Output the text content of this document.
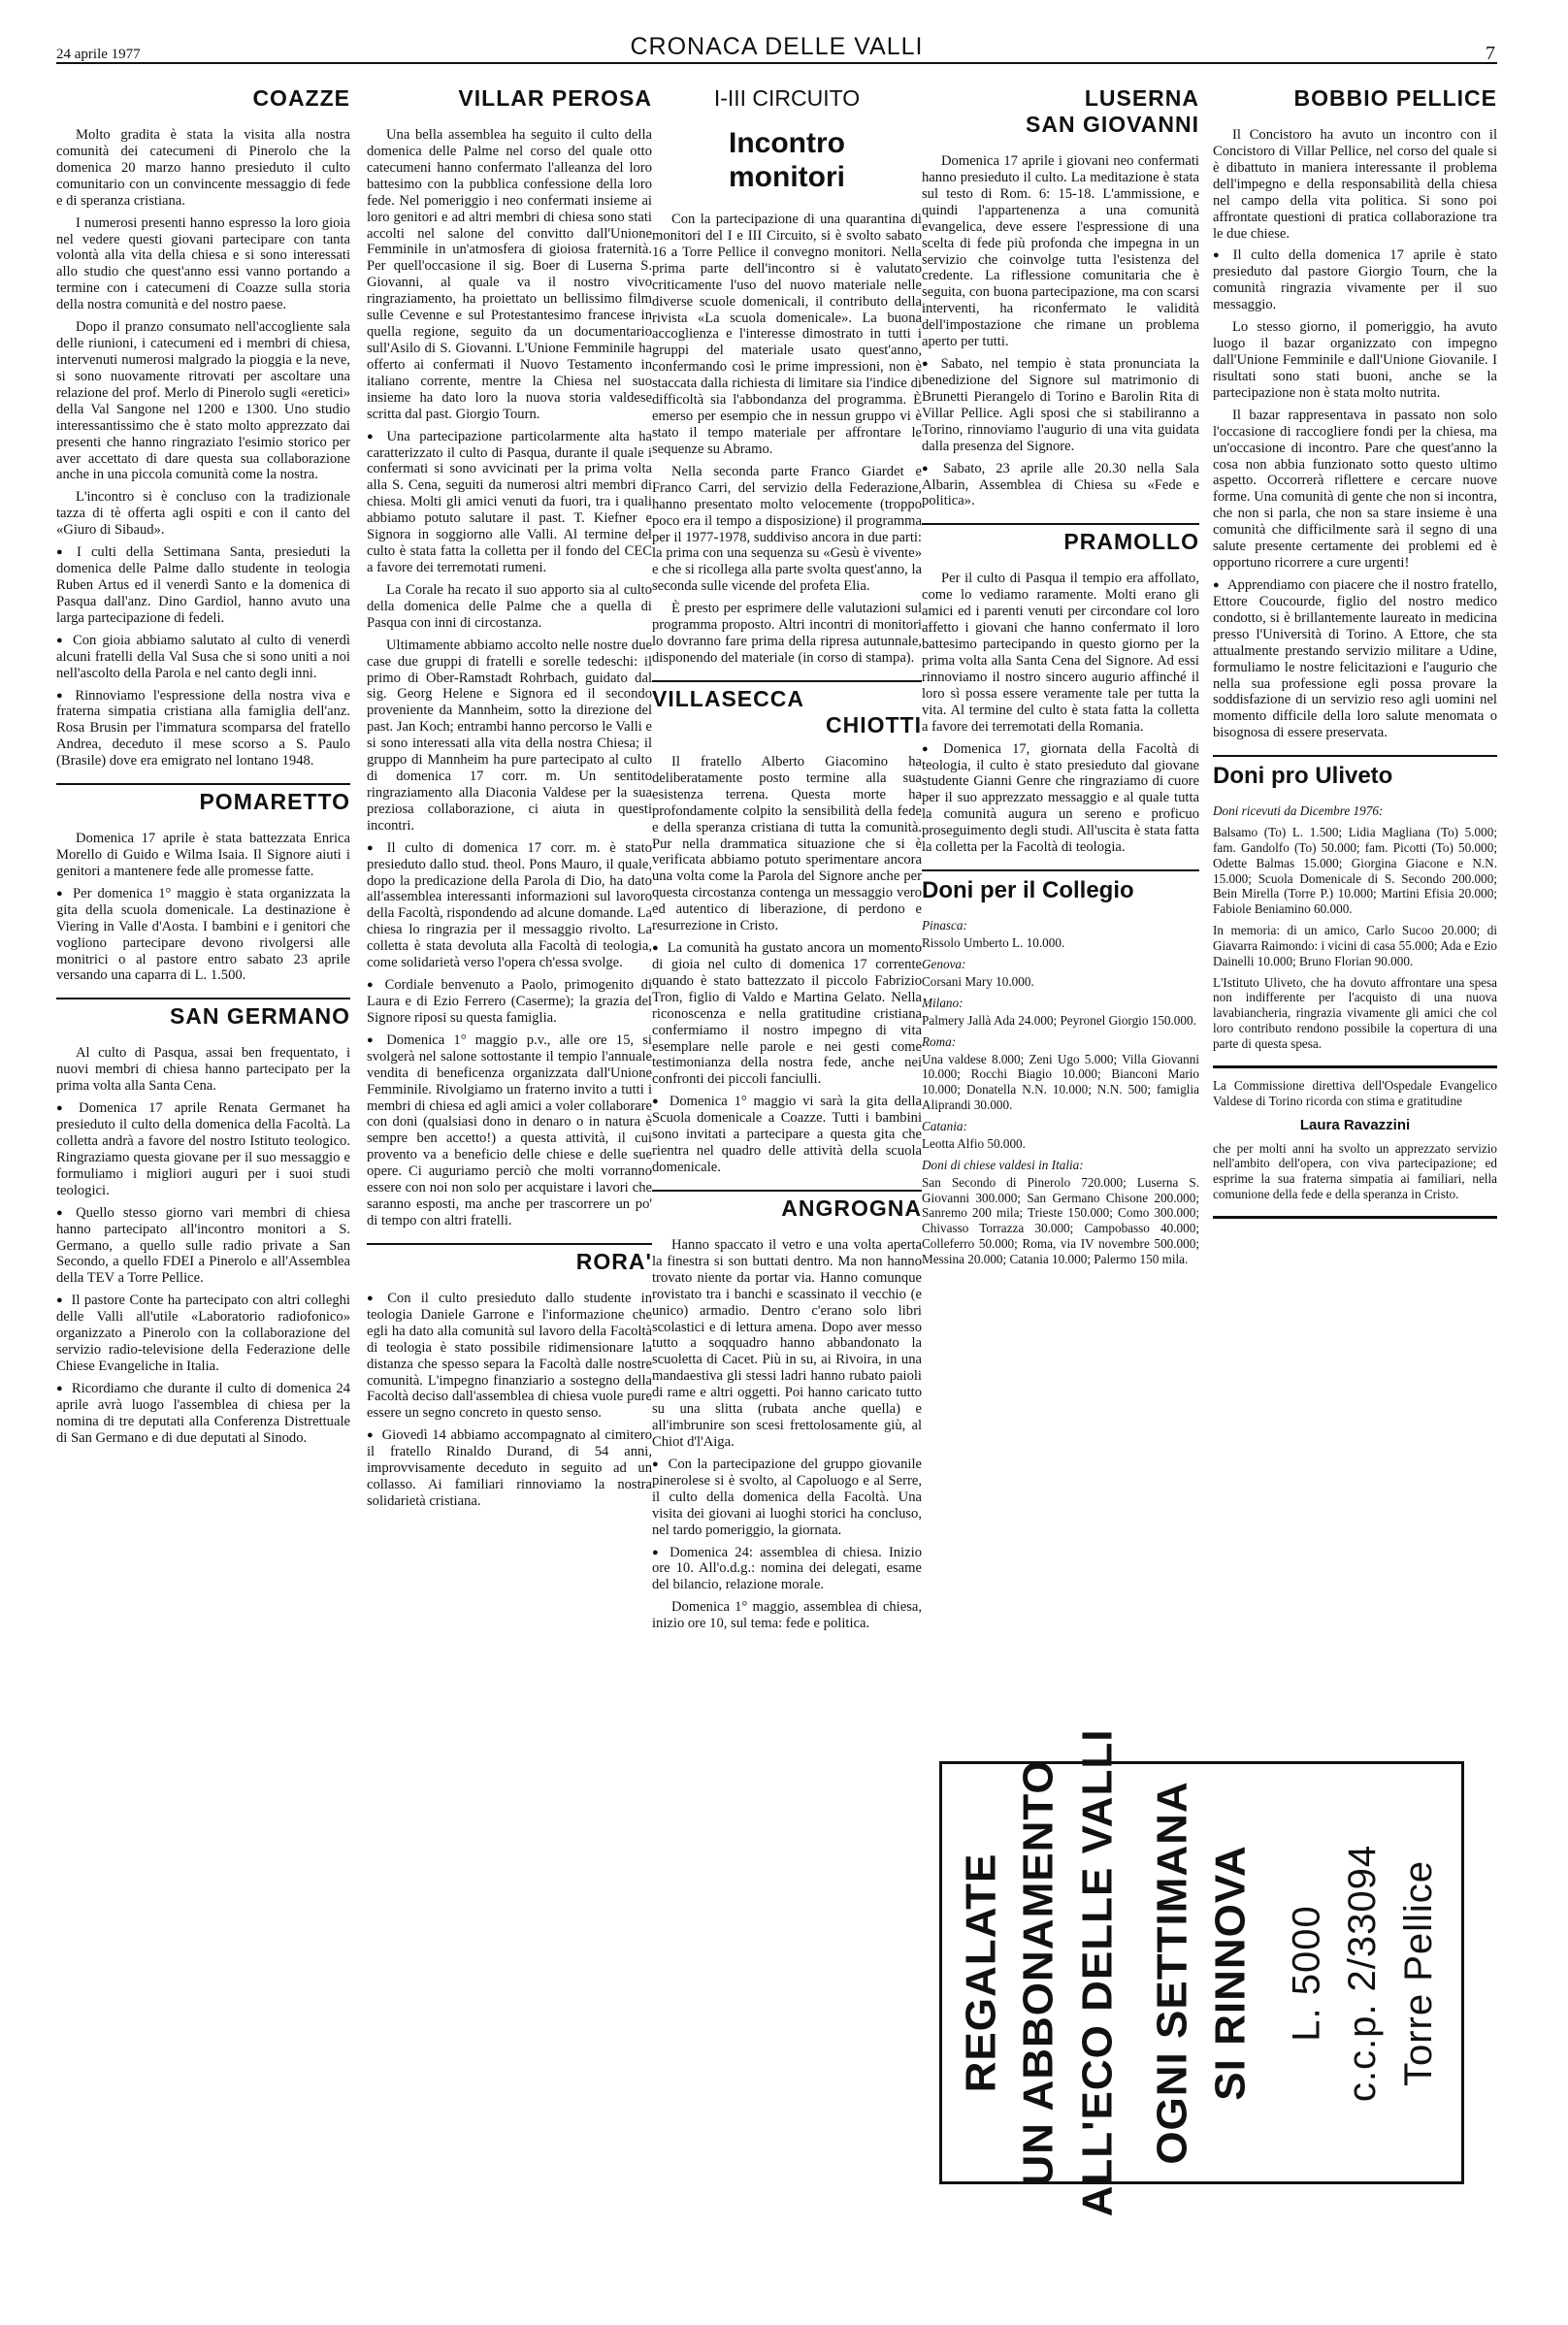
24 aprile 1977	CRONACA DELLE VALLI	7
COAZZE

Molto gradita è stata la visita alla nostra comunità dei catecumeni di Pinerolo che la domenica 20 marzo hanno presieduto il culto comunitario con un convincente messaggio di fede e di speranza cristiana.

I numerosi presenti hanno espresso la loro gioia nel vedere questi giovani partecipare con tanta volontà alla vita della chiesa e si sono interessati allo studio che quest'anno essi vanno portando a termine con i catecumeni di Coazze sulla storia della nostra comunità e del nostro paese.

Dopo il pranzo consumato nell'accogliente sala delle riunioni, i catecumeni ed i membri di chiesa, intervenuti numerosi malgrado la pioggia e la neve, si sono nuovamente ritrovati per ascoltare una relazione del prof. Merlo di Pinerolo sugli «eretici» della Val Sangone nel 1200 e 1300. Uno studio interessantissimo che è stato molto apprezzato dai presenti che hanno ringraziato l'esimio storico per aver accettato di dare questa sua collaborazione anche in una piccola comunità come la nostra.

L'incontro si è concluso con la tradizionale tazza di tè offerta agli ospiti e con il canto del «Giuro di Sibaud».

● I culti della Settimana Santa, presieduti la domenica delle Palme dallo studente in teologia Ruben Artus ed il venerdì Santo e la domenica di Pasqua dall'anz. Dino Gardiol, hanno avuto una larga partecipazione di fedeli.

● Con gioia abbiamo salutato al culto di venerdì alcuni fratelli della Val Susa che si sono uniti a noi nell'ascolto della Parola e nel canto degli inni.

● Rinnoviamo l'espressione della nostra viva e fraterna simpatia cristiana alla famiglia dell'anz. Rosa Brusin per l'immatura scomparsa del fratello Andrea, deceduto il mese scorso a S. Paulo (Brasile) dove era emigrato nel lontano 1948.

POMARETTO

Domenica 17 aprile è stata battezzata Enrica Morello di Guido e Wilma Isaia. Il Signore aiuti i genitori a mantenere fede alle promesse fatte.

● Per domenica 1° maggio è stata organizzata la gita della scuola domenicale. La destinazione è Viering in Valle d'Aosta. I bambini e i genitori che vogliono partecipare devono rivolgersi alle monitrici o al pastore entro sabato 23 aprile versando una caparra di L. 1.500.

SAN GERMANO

Al culto di Pasqua, assai ben frequentato, i nuovi membri di chiesa hanno partecipato per la prima volta alla Santa Cena.

● Domenica 17 aprile Renata Germanet ha presieduto il culto della domenica della Facoltà. La colletta andrà a favore del nostro Istituto teologico. Ringraziamo questa giovane per il suo messaggio e formuliamo i migliori auguri per i suoi studi teologici.

● Quello stesso giorno vari membri di chiesa hanno partecipato all'incontro monitori a S. Germano, a quello sulle radio private a San Secondo, a quello FDEI a Pinerolo e all'Assemblea della TEV a Torre Pellice.

● Il pastore Conte ha partecipato con altri colleghi delle Valli all'utile «Laboratorio radiofonico» organizzato a Pinerolo con la collaborazione del servizio radio-televisione della Federazione delle Chiese Evangeliche in Italia.

● Ricordiamo che durante il culto di domenica 24 aprile avrà luogo l'assemblea di chiesa per la nomina di tre deputati alla Conferenza Distrettuale di San Germano e di due deputati al Sinodo.

VILLAR PEROSA

Una bella assemblea ha seguito il culto della domenica delle Palme nel corso del quale otto catecumeni hanno confermato l'alleanza del loro battesimo con la pubblica confessione della loro fede. Nel pomeriggio i neo confermati insieme ai loro genitori e ad altri membri di chiesa sono stati accolti nel salone del convitto dall'Unione Femminile in un'atmosfera di gioiosa fraternità. Per quell'occasione il sig. Boer di Luserna S. Giovanni, al quale va il nostro vivo ringraziamento, ha proiettato un bellissimo film sulle Cevenne e sul Protestantesimo francese in quella regione, seguito da un documentario sull'Asilo di S. Giovanni. L'Unione Femminile ha offerto ai confermati il Nuovo Testamento in italiano corrente, mentre la Chiesa nel suo insieme ha dato loro la nuova storia valdese scritta dal past. Giorgio Tourn.

● Una partecipazione particolarmente alta ha caratterizzato il culto di Pasqua, durante il quale i confermati si sono avvicinati per la prima volta alla S. Cena, seguiti da numerosi altri membri di chiesa. Molti gli amici venuti da fuori, tra i quali abbiamo potuto salutare il past. T. Kiefner e Signora in soggiorno alle Valli. Al termine del culto è stata fatta la colletta per il fondo del CEC a favore dei terremotati rumeni.

La Corale ha recato il suo apporto sia al culto della domenica delle Palme che a quella di Pasqua con inni di circostanza.

Ultimamente abbiamo accolto nelle nostre due case due gruppi di fratelli e sorelle tedeschi: il primo di Ober-Ramstadt Rohrbach, guidato dal sig. Georg Helene e Signora ed il secondo proveniente da Mannheim, sotto la direzione del past. Jan Koch; entrambi hanno percorso le Valli e si sono interessati alla vita della nostra Chiesa; il gruppo di Mannheim ha pure partecipato al culto di domenica 17 corr. m. Un sentito ringraziamento alla Diaconia Valdese per la sua preziosa collaborazione, ci aiuta in questi incontri.

● Il culto di domenica 17 corr. m. è stato presieduto dallo stud. theol. Pons Mauro, il quale, dopo la predicazione della Parola di Dio, ha dato all'assemblea interessanti informazioni sul lavoro della Facoltà, rispondendo ad alcune domande. La chiesa lo ringrazia per il messaggio rivolto. La colletta è stata devoluta alla Facoltà di teologia, come solidarietà verso l'opera ch'essa svolge.

● Cordiale benvenuto a Paolo, primogenito di Laura e di Ezio Ferrero (Caserme); la grazia del Signore riposi su questa famiglia.

● Domenica 1° maggio p.v., alle ore 15, si svolgerà nel salone sottostante il tempio l'annuale vendita di beneficenza organizzata dall'Unione Femminile. Rivolgiamo un fraterno invito a tutti i membri di chiesa ed agli amici a voler collaborare con doni (qualsiasi dono in denaro o in natura è sempre ben accetto!) a questa attività, il cui provento va a beneficio delle chiese e delle sue opere. Ci auguriamo perciò che molti vorranno essere con noi non solo per acquistare i lavori che saranno esposti, ma anche per trascorrere un po' di tempo con altri fratelli.

RORA'

● Con il culto presieduto dallo studente in teologia Daniele Garrone e l'informazione che egli ha dato alla comunità sul lavoro della Facoltà di teologia è stato possibile ridimensionare la distanza che spesso separa la Facoltà dalle nostre comunità. L'impegno finanziario a sostegno della Facoltà deciso dall'assemblea di chiesa vuole pure essere un segno concreto in questo senso.

● Giovedì 14 abbiamo accompagnato al cimitero il fratello Rinaldo Durand, di 54 anni, improvvisamente deceduto in seguito ad un collasso. Ai familiari rinnoviamo la nostra solidarietà cristiana.

I-III CIRCUITO
Incontro
monitori

Con la partecipazione di una quarantina di monitori del I e III Circuito, si è svolto sabato 16 a Torre Pellice il convegno monitori. Nella prima parte dell'incontro si è valutato criticamente l'uso del nuovo materiale nelle diverse scuole domenicali, il contributo della rivista «La scuola domenicale». La buona accoglienza e l'interesse dimostrato in tutti i gruppi del materiale usato quest'anno, confermando così le prime impressioni, non è staccata dalla richiesta di limitare sia l'indice di difficoltà sia l'abbondanza del programma. È emerso per esempio che in nessun gruppo vi è stato il tempo materiale per affrontare le sequenze su Abramo.

Nella seconda parte Franco Giardet e Franco Carri, del servizio della Federazione, hanno presentato molto velocemente (troppo poco era il tempo a disposizione) il programma per il 1977-1978, suddiviso ancora in due parti: la prima con una sequenza su «Gesù è vivente» e che si ricollega alla parte svolta quest'anno, la seconda sulle vicende del profeta Elia.

È presto per esprimere delle valutazioni sul programma proposto. Altri incontri di monitori lo dovranno fare prima della ripresa autunnale, disponendo del materiale (in corso di stampa).

VILLASECCA
CHIOTTI

Il fratello Alberto Giacomino ha deliberatamente posto termine alla sua esistenza terrena. Questa morte ha profondamente colpito la sensibilità della fede e della speranza cristiana di tutta la comunità. Pur nella drammatica situazione che si è verificata abbiamo potuto sperimentare ancora una volta come la Parola del Signore anche per questa circostanza contenga un messaggio vero ed autentico di liberazione, di perdono e resurrezione in Cristo.

● La comunità ha gustato ancora un momento di gioia nel culto di domenica 17 corrente quando è stato battezzato il piccolo Fabrizio Tron, figlio di Valdo e Martina Gelato. Nella riconoscenza e nella gratitudine cristiana confermiamo il nostro impegno di vita esemplare nelle parole e nei gesti come testimonianza della nostra fede, anche nei confronti dei piccoli fanciulli.

● Domenica 1° maggio vi sarà la gita della Scuola domenicale a Coazze. Tutti i bambini sono invitati a partecipare a questa gita che rientra nel quadro delle attività della scuola domenicale.

ANGROGNA

Hanno spaccato il vetro e una volta aperta la finestra si son buttati dentro. Ma non hanno trovato niente da portar via. Hanno comunque rovistato tra i banchi e scassinato il vecchio (e unico) armadio. Dentro c'erano solo libri scolastici e di lettura amena. Dopo aver messo tutto a soqquadro hanno abbandonato la scuoletta di Cacet. Più in su, ai Rivoira, in una mandaestiva gli stessi ladri hanno rubato paioli di rame e altri oggetti. Poi hanno caricato tutto su una slitta (rubata anche quella) e all'imbrunire son scesi frettolosamente giù, al Chiot d'l'Aiga.

● Con la partecipazione del gruppo giovanile pinerolese si è svolto, al Capoluogo e al Serre, il culto della domenica della Facoltà. Una visita dei giovani ai luoghi storici ha concluso, nel tardo pomeriggio, la giornata.

● Domenica 24: assemblea di chiesa. Inizio ore 10. All'o.d.g.: nomina dei delegati, esame del bilancio, relazione morale.

Domenica 1° maggio, assemblea di chiesa, inizio ore 10, sul tema: fede e politica.

LUSERNA
SAN GIOVANNI

Domenica 17 aprile i giovani neo confermati hanno presieduto il culto. La meditazione è stata sul testo di Rom. 6: 15-18. L'ammissione, e quindi l'appartenenza a una comunità evangelica, deve essere l'espressione di una scelta di fede più profonda che impegna in un servizio che coinvolge tutta l'esistenza del credente. La riflessione comunitaria che è seguita, con buona partecipazione, ma con scarsi interventi, ha riconfermato le validità dell'impostazione che rimane un problema aperto per tutti.

● Sabato, nel tempio è stata pronunciata la benedizione del Signore sul matrimonio di Brunetti Pierangelo di Torino e Barolin Rita di Villar Pellice. Agli sposi che si stabiliranno a Torino, rinnoviamo l'augurio di una vita guidata dalla presenza del Signore.

● Sabato, 23 aprile alle 20.30 nella Sala Albarin, Assemblea di Chiesa su «Fede e politica».

PRAMOLLO

Per il culto di Pasqua il tempio era affollato, come lo vediamo raramente. Molti erano gli amici ed i parenti venuti per circondare col loro affetto i giovani che hanno confermato il loro battesimo partecipando in questo giorno per la prima volta alla Santa Cena del Signore. Ad essi rinnoviamo il nostro sincero augurio affinché il loro sì possa essere veramente tale per tutta la vita. Al termine del culto è stata fatta la colletta a favore dei terremotati della Romania.

● Domenica 17, giornata della Facoltà di teologia, il culto è stato presieduto dal giovane studente Gianni Genre che ringraziamo di cuore per il suo apprezzato messaggio e al quale tutta la comunità augura un sereno e proficuo proseguimento degli studi. All'uscita è stata fatta la colletta per la Facoltà di teologia.

Doni per il Collegio
Pinasca:

Rissolo Umberto L. 10.000.

Genova:

Corsani Mary 10.000.

Milano:

Palmery Jallà Ada 24.000; Peyronel Giorgio 150.000.

Roma:

Una valdese 8.000; Zeni Ugo 5.000; Villa Giovanni 10.000; Rocchi Biagio 10.000; Bianconi Mario 10.000; Donatella N.N. 10.000; N.N. 500; famiglia Aliprandi 30.000.

Catania:

Leotta Alfio 50.000.

Doni di chiese valdesi in Italia:

San Secondo di Pinerolo 720.000; Luserna S. Giovanni 300.000; San Germano Chisone 200.000; Sanremo 200 mila; Trieste 150.000; Como 300.000; Chivasso Torrazza 30.000; Campobasso 40.000; Colleferro 50.000; Roma, via IV novembre 500.000; Messina 20.000; Catania 10.000; Palermo 150 mila.

BOBBIO PELLICE

Il Concistoro ha avuto un incontro con il Concistoro di Villar Pellice, nel corso del quale si è dibattuto in maniera interessante il problema dell'impegno e della responsabilità della chiesa nel campo della vita politica. Si sono poi affrontate questioni di pratica collaborazione tra le due chiese.

● Il culto della domenica 17 aprile è stato presieduto dal pastore Giorgio Tourn, che la comunità ringrazia vivamente per il suo messaggio.

Lo stesso giorno, il pomeriggio, ha avuto luogo il bazar organizzato con impegno dall'Unione Femminile e dall'Unione Giovanile. I risultati sono stati buoni, anche se la partecipazione non è stata molto nutrita.

Il bazar rappresentava in passato non solo l'occasione di raccogliere fondi per la chiesa, ma un'occasione di incontro. Pare che quest'anno la cosa non abbia funzionato sotto questo ultimo aspetto. Occorrerà riflettere e cercare nuove forme. Una comunità di gente che non si incontra, che non si parla, che non sa stare insieme è una comunità che difficilmente sarà il segno di una salute presente certamente dei problemi ed è opportuno ricorrere a cure urgenti!

● Apprendiamo con piacere che il nostro fratello, Ettore Coucourde, figlio del nostro medico condotto, si è brillantemente laureato in medicina presso l'Università di Torino. A Ettore, che sta attualmente prestando servizio militare a Udine, formuliamo le nostre felicitazioni e l'augurio che nella sua professione egli possa provare la soddisfazione di un servizio reso agli uomini nel momento difficile della loro salute menomata o bisognosa di essere preservata.

Doni pro Uliveto

Doni ricevuti da Dicembre 1976:

Balsamo (To) L. 1.500; Lidia Magliana (To) 5.000; fam. Gandolfo (To) 50.000; fam. Picotti (To) 50.000; Odette Balmas 15.000; Giorgina Giacone e N.N. 15.000; Scuola Domenicale di S. Secondo 200.000; Bein Mirella (Torre P.) 10.000; Martini Efisia 20.000; Fabiole Beniamino 60.000.

In memoria: di un amico, Carlo Sucoo 20.000; di Giavarra Raimondo: i vicini di casa 55.000; Ada e Ezio Dainelli 10.000; Bruno Florian 90.000.

L'Istituto Uliveto, che ha dovuto affrontare una spesa non indifferente per l'acquisto di una nuova lavabiancheria, ringrazia vivamente gli amici che col loro contributo rendono possibile la copertura di una parte di questa spesa.

La Commissione direttiva dell'Ospedale Evangelico Valdese di Torino ricorda con stima e gratitudine

Laura Ravazzini

che per molti anni ha svolto un apprezzato servizio nell'ambito dell'opera, con viva partecipazione; ed esprime la sua fraterna simpatia ai familiari, nella comunione della fede e della speranza in Cristo.

REGALATE UN ABBONAMENTO ALL'ECO DELLE VALLI OGNI SETTIMANA SI RINNOVA L. 5000 c.c.p. 2/33094 Torre Pellice
